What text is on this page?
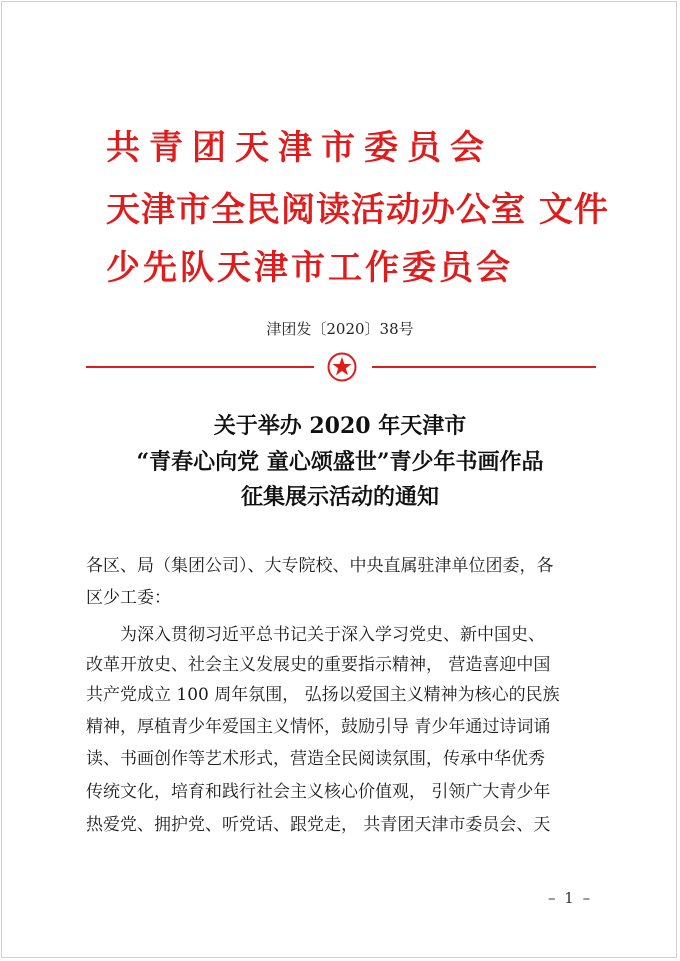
共青团天津市委员会
天津市全民阅读活动办公室 文件
少先队天津市工作委员会
津团发〔2020〕38号
关于举办 2020 年天津市
“青春心向党 童心颂盛世”青少年书画作品
征集展示活动的通知
各区、局（集团公司）、大专院校、中央直属驻津单位团委，各
区少工委：
　　为深入贯彻习近平总书记关于深入学习党史、新中国史、
改革开放史、社会主义发展史的重要指示精神， 营造喜迎中国
共产党成立 100 周年氛围， 弘扬以爱国主义精神为核心的民族
精神，厚植青少年爱国主义情怀，鼓励引导 青少年通过诗词诵
读、书画创作等艺术形式，营造全民阅读氛围，传承中华优秀
传统文化，培育和践行社会主义核心价值观， 引领广大青少年
热爱党、拥护党、听党话、跟党走， 共青团天津市委员会、天
– 1 –
